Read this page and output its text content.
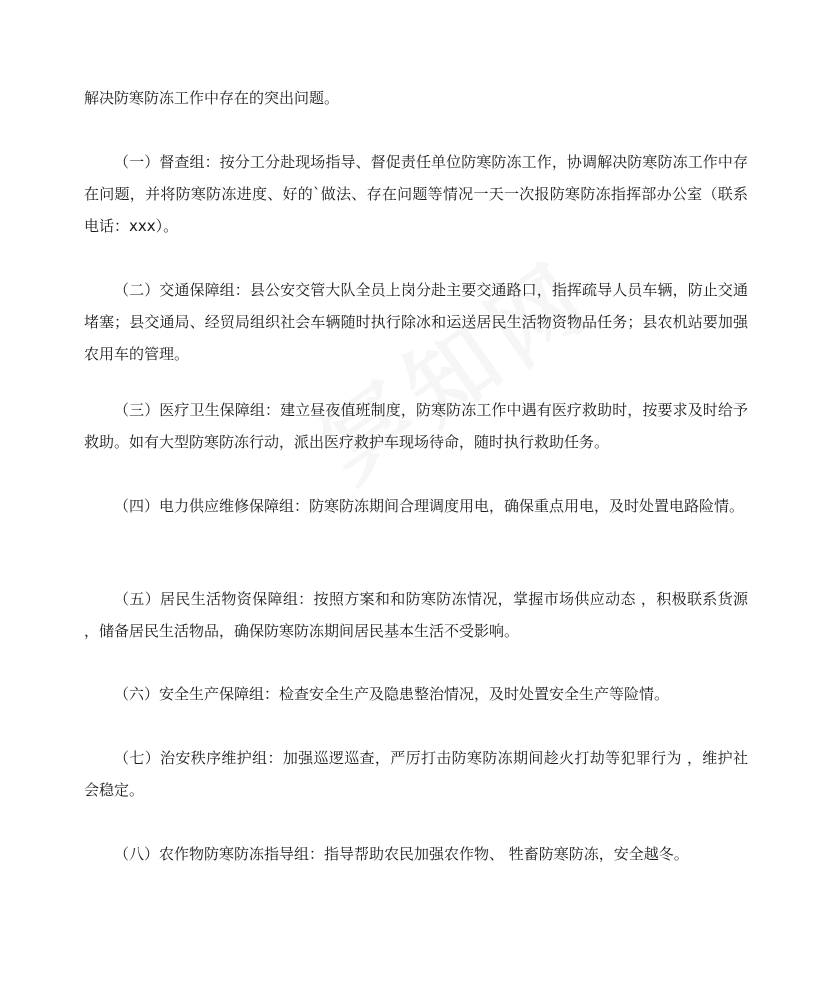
解决防寒防冻工作中存在的突出问题。

（一）督查组：按分工分赴现场指导、督促责任单位防寒防冻工作，协调解决防寒防冻工作中存在问题，并将防寒防冻进度、好的`做法、存在问题等情况一天一次报防寒防冻指挥部办公室（联系电话：xxx）。

（二）交通保障组：县公安交管大队全员上岗分赴主要交通路口，指挥疏导人员车辆，防止交通堵塞；县交通局、经贸局组织社会车辆随时执行除冰和运送居民生活物资物品任务；县农机站要加强农用车的管理。

（三）医疗卫生保障组：建立昼夜值班制度，防寒防冻工作中遇有医疗救助时，按要求及时给予救助。如有大型防寒防冻行动，派出医疗救护车现场待命，随时执行救助任务。

（四）电力供应维修保障组：防寒防冻期间合理调度用电，确保重点用电，及时处置电路险情。

（五）居民生活物资保障组：按照方案和和防寒防冻情况，掌握市场供应动态 ，积极联系货源 ，储备居民生活物品，确保防寒防冻期间居民基本生活不受影响。

（六）安全生产保障组：检查安全生产及隐患整治情况，及时处置安全生产等险情。

（七）治安秩序维护组：加强巡逻巡查，严厉打击防寒防冻期间趁火打劫等犯罪行为 ，维护社会稳定。

（八）农作物防寒防冻指导组：指导帮助农民加强农作物、 牲畜防寒防冻，安全越冬。
